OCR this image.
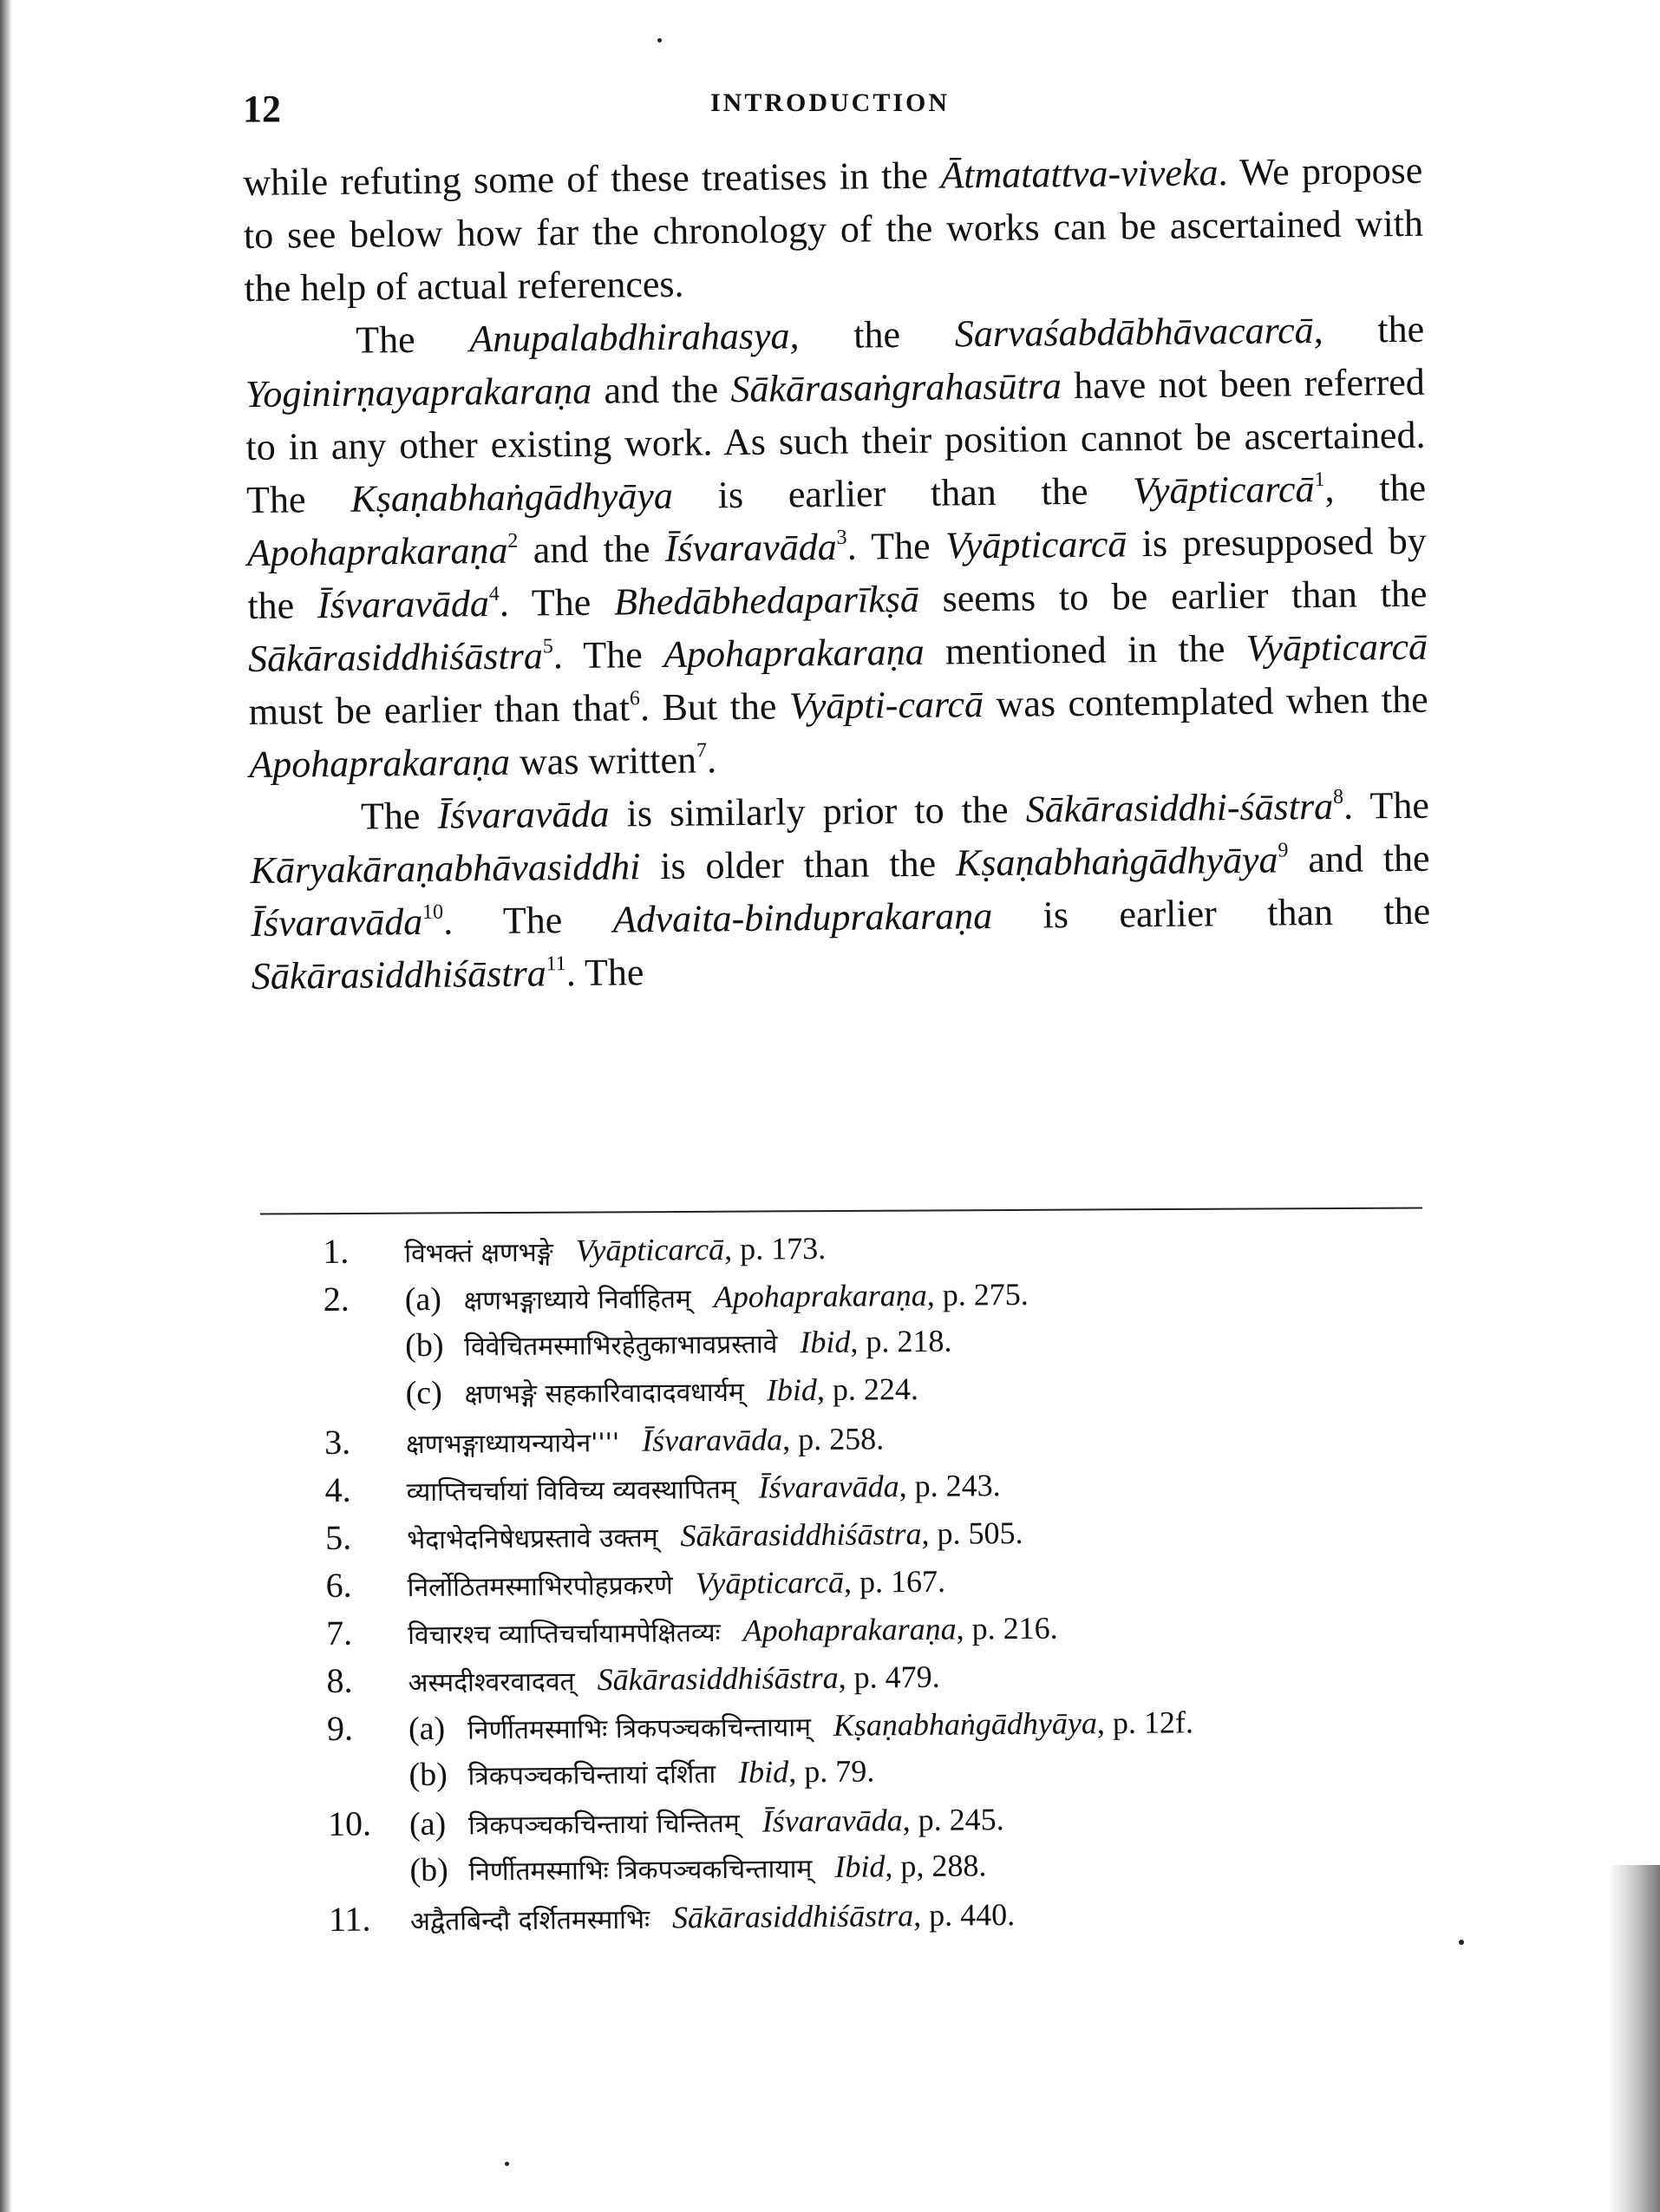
12	INTRODUCTION

while refuting some of these treatises in the Ātmatattva-viveka. We propose to see below how far the chronology of the works can be ascertained with the help of actual references.

The Anupalabdhirahasya, the Sarvaśabdābhāvacarcā, the Yoginirṇayaprakaraṇa and the Sākārasaṅgrahasūtra have not been referred to in any other existing work. As such their position cannot be ascertained. The Kṣaṇabhaṅgādhyāya is earlier than the Vyāpticarcā$^1$, the Apohaprakaraṇa$^2$ and the Īśvaravāda$^3$. The Vyāpticarcā is presupposed by the Īśvaravāda$^4$. The Bhedābhedaparīkṣā seems to be earlier than the Sākārasiddhiśāstra$^5$. The Apohaprakaraṇa mentioned in the Vyāpticarcā must be earlier than that$^6$. But the Vyāpti-carcā was contemplated when the Apohaprakaraṇa was written$^7$.

The Īśvaravāda is similarly prior to the Sākārasiddhi-śāstra$^8$. The Kāryakāraṇabhāvasiddhi is older than the Kṣaṇabhaṅgādhyāya$^9$ and the Īśvaravāda$^{10}$. The Advaita-binduprakaraṇa is earlier than the Sākārasiddhiśāstra$^{11}$. The

1.	विभक्तं क्षणभङ्गे Vyāpticarcā , p. 173.
2.	(a) क्षणभङ्गाध्याये निर्वाहितम् Apohaprakaraṇa , p. 275.
(b) विवेचितमस्माभिरहेतुकाभावप्रस्तावे Ibid , p. 218.
(c) क्षणभङ्गे सहकारिवादादवधार्यम् Ibid , p. 224.
3.	क्षणभङ्गाध्यायन्यायेन'''' Īśvaravāda , p. 258.
4.	व्याप्तिचर्चायां विविच्य व्यवस्थापितम् Īśvaravāda , p. 243.
5.	भेदाभेदनिषेधप्रस्तावे उक्तम् Sākārasiddhiśāstra , p. 505.
6.	निर्लोठितमस्माभिरपोहप्रकरणे Vyāpticarcā , p. 167.
7.	विचारश्च व्याप्तिचर्चायामपेक्षितव्यः Apohaprakaraṇa , p. 216.
8.	अस्मदीश्वरवादवत् Sākārasiddhiśāstra , p. 479.
9.	(a) निर्णीतमस्माभिः त्रिकपञ्चकचिन्तायाम् Kṣaṇabhaṅgādhyāya , p. 12f.
(b) त्रिकपञ्चकचिन्तायां दर्शिता Ibid , p. 79.
10.	(a) त्रिकपञ्चकचिन्तायां चिन्तितम् Īśvaravāda , p. 245.
(b) निर्णीतमस्माभिः त्रिकपञ्चकचिन्तायाम् Ibid , p, 288.
11.	अद्वैतबिन्दौ दर्शितमस्माभिः Sākārasiddhiśāstra , p. 440.
